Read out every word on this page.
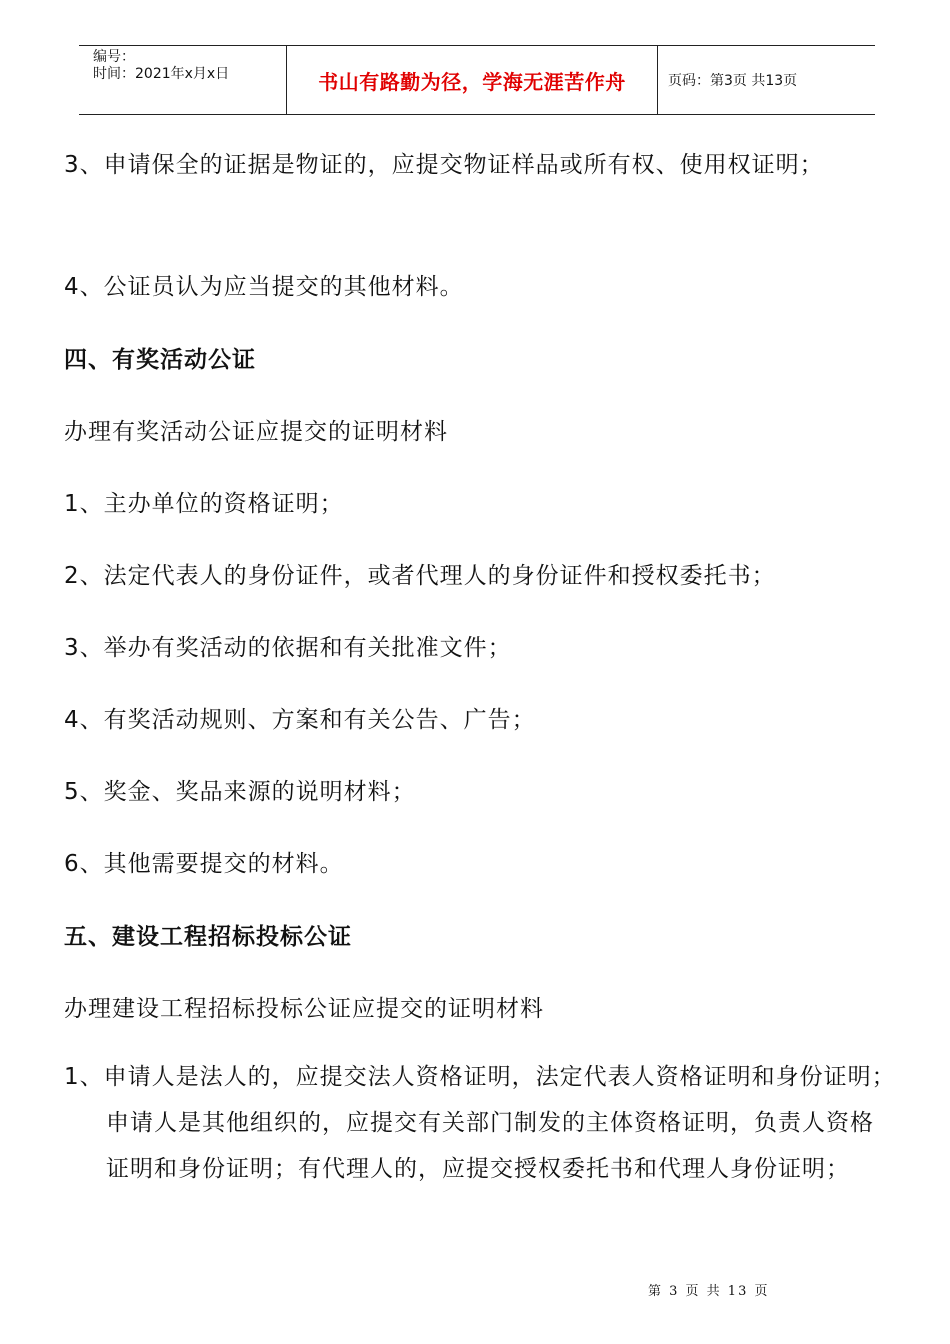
编号：
时间：2021年x月x日	书山有路勤为径，学海无涯苦作舟	页码：第3页 共13页
3、申请保全的证据是物证的，应提交物证样品或所有权、使用权证明；
4、公证员认为应当提交的其他材料。
四、有奖活动公证
办理有奖活动公证应提交的证明材料
1、主办单位的资格证明；
2、法定代表人的身份证件，或者代理人的身份证件和授权委托书；
3、举办有奖活动的依据和有关批准文件；
4、有奖活动规则、方案和有关公告、广告；
5、奖金、奖品来源的说明材料；
6、其他需要提交的材料。
五、建设工程招标投标公证
办理建设工程招标投标公证应提交的证明材料
1、申请人是法人的，应提交法人资格证明，法定代表人资格证明和身份证明；申请人是其他组织的，应提交有关部门制发的主体资格证明，负责人资格证明和身份证明；有代理人的，应提交授权委托书和代理人身份证明；
第 3 页 共 13 页
